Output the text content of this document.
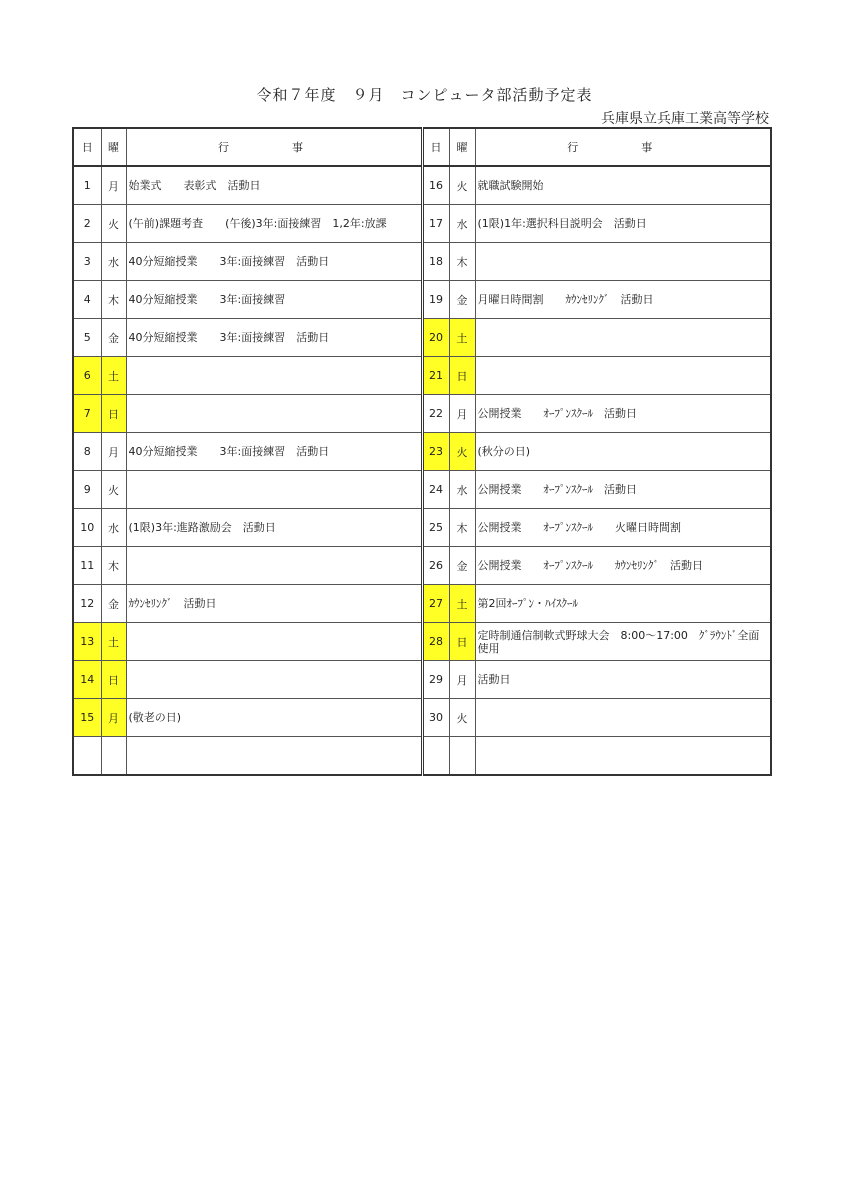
令和７年度　９月　コンピュータ部活動予定表
兵庫県立兵庫工業高等学校
日	曜	行　事	日	曜	行　事
1	月	始業式　　表彰式　活動日	16	火	就職試験開始
2	火	(午前)課題考査　　(午後)3年:面接練習　1,2年:放課	17	水	(1限)1年:選択科目説明会　活動日
3	水	40分短縮授業　　3年:面接練習　活動日	18	木	
4	木	40分短縮授業　　3年:面接練習	19	金	月曜日時間割　　ｶｳﾝｾﾘﾝｸﾞ　活動日
5	金	40分短縮授業　　3年:面接練習　活動日	20	土	
6	土		21	日	
7	日		22	月	公開授業　　ｵｰﾌﾟﾝｽｸｰﾙ　活動日
8	月	40分短縮授業　　3年:面接練習　活動日	23	火	(秋分の日)
9	火		24	水	公開授業　　ｵｰﾌﾟﾝｽｸｰﾙ　活動日
10	水	(1限)3年:進路激励会　活動日	25	木	公開授業　　ｵｰﾌﾟﾝｽｸｰﾙ　　火曜日時間割
11	木		26	金	公開授業　　ｵｰﾌﾟﾝｽｸｰﾙ　　ｶｳﾝｾﾘﾝｸﾞ　活動日
12	金	ｶｳﾝｾﾘﾝｸﾞ　活動日	27	土	第2回ｵｰﾌﾟﾝ・ﾊｲｽｸｰﾙ
13	土		28	日	定時制通信制軟式野球大会　8:00～17:00　ｸﾞﾗｳﾝﾄﾞ全面使用
14	日		29	月	活動日
15	月	(敬老の日)	30	火	
